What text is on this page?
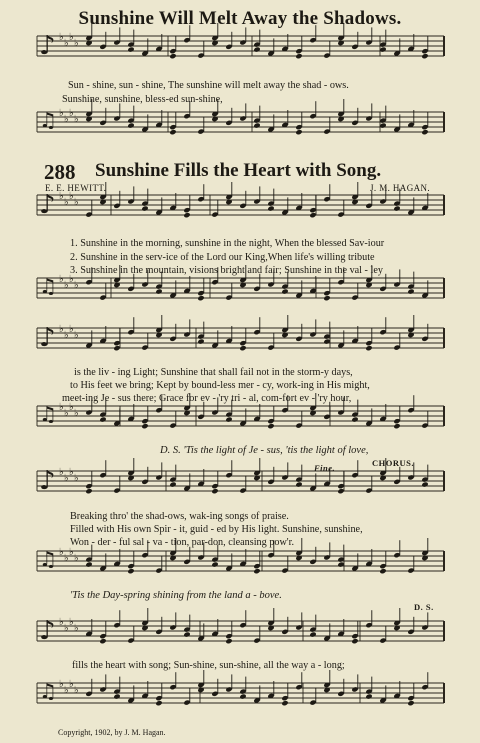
Sunshine Will Melt Away the Shadows.
♪ ♭
♭
♭
♭
♫ ♭
♭
♭
♭
♪ ♭
♭
♭
♭
♫ ♭
♭
♭
♭
♪ ♭
♭
♭
♭
♫ ♭
♭
♭
♭
♪ ♭
♭
♭
♭
♫ ♭
♭
♭
♭
♪ ♭
♭
♭
♭
♫ ♭
♭
♭
♭
Sun - shine, sun - shine, The sunshine will melt away the shad - ows.
Sunshine, sunshine, bless-ed sun-shine,
288 Sunshine Fills the Heart with Song.
E. E. HEWITT.	J. M. HAGAN.
1. Sunshine in the morning, sunshine in the night, When the blessed Sav-iour
2. Sunshine in the serv-ice of the Lord our King,When life's willing tribute
3. Sunshine in the mountain, visions bright and fair; Sunshine in the val - ley
is the liv - ing Light; Sunshine that shall fail not in the storm-y days,
to His feet we bring; Kept by bound-less mer - cy, work-ing in His might,
meet-ing Je - sus there; Grace for ev - 'ry tri - al, com-fort ev - 'ry hour,
D. S. 'Tis the light of Je - sus, 'tis the light of love,
Fine.	CHORUS.
Breaking thro' the shad-ows, wak-ing songs of praise.
Filled with His own Spir - it, guid - ed by His light. Sunshine, sunshine,
Won - der - ful sal - va - tion, par-don, cleansing pow'r.
'Tis the Day-spring shining from the land a - bove.
D. S.
fills the heart with song; Sun-shine, sun-shine, all the way a - long;
Copyright, 1902, by J. M. Hagan.
